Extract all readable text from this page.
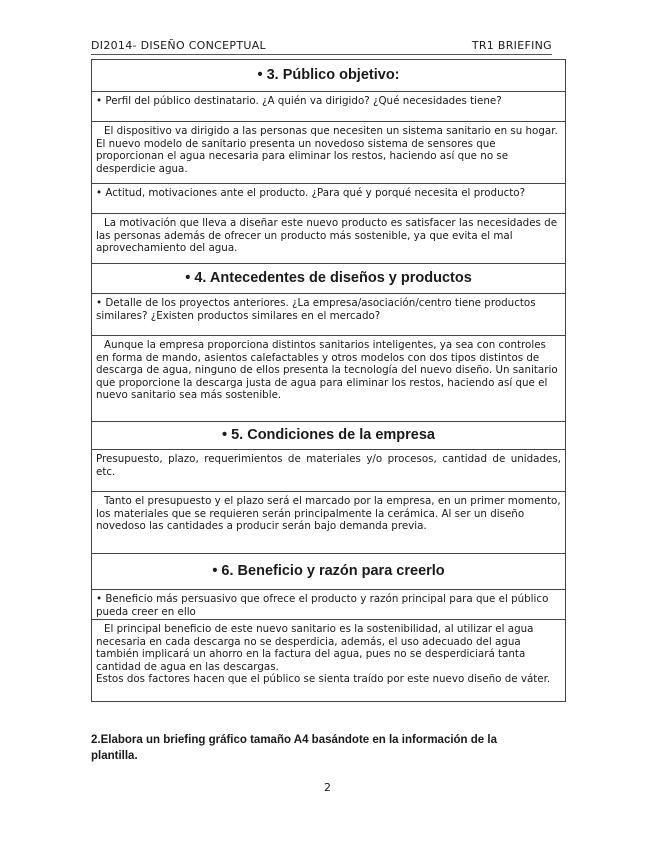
DI2014- DISEÑO CONCEPTUAL	TR1 BRIEFING
• 3. Público objetivo:
• Perfil del público destinatario. ¿A quién va dirigido? ¿Qué necesidades tiene?
El dispositivo va dirigido a las personas que necesiten un sistema sanitario en su hogar. El nuevo modelo de sanitario presenta un novedoso sistema de sensores que proporcionan el agua necesaria para eliminar los restos, haciendo así que no se desperdicie agua.
• Actitud, motivaciones ante el producto. ¿Para qué y porqué necesita el producto?
La motivación que lleva a diseñar este nuevo producto es satisfacer las necesidades de las personas además de ofrecer un producto más sostenible, ya que evita el mal aprovechamiento del agua.
• 4. Antecedentes de diseños y productos
• Detalle de los proyectos anteriores. ¿La empresa/asociación/centro tiene productos similares? ¿Existen productos similares en el mercado?
Aunque la empresa proporciona distintos sanitarios inteligentes, ya sea con controles en forma de mando, asientos calefactables y otros modelos con dos tipos distintos de descarga de agua, ninguno de ellos presenta la tecnología del nuevo diseño. Un sanitario que proporcione la descarga justa de agua para eliminar los restos, haciendo así que el nuevo sanitario sea más sostenible.
• 5. Condiciones de la empresa
Presupuesto, plazo, requerimientos de materiales y/o procesos, cantidad de unidades, etc.
Tanto el presupuesto y el plazo será el marcado por la empresa, en un primer momento, los materiales que se requieren serán principalmente la cerámica. Al ser un diseño novedoso las cantidades a producir serán bajo demanda previa.
• 6. Beneficio y razón para creerlo
• Beneficio más persuasivo que ofrece el producto y razón principal para que el público pueda creer en ello
El principal beneficio de este nuevo sanitario es la sostenibilidad, al utilizar el agua necesaria en cada descarga no se desperdicia, además, el uso adecuado del agua también implicará un ahorro en la factura del agua, pues no se desperdiciará tanta cantidad de agua en las descargas.
Estos dos factores hacen que el público se sienta traído por este nuevo diseño de váter.
2.Elabora un briefing gráfico tamaño A4 basándote en la información de la plantilla.
2
